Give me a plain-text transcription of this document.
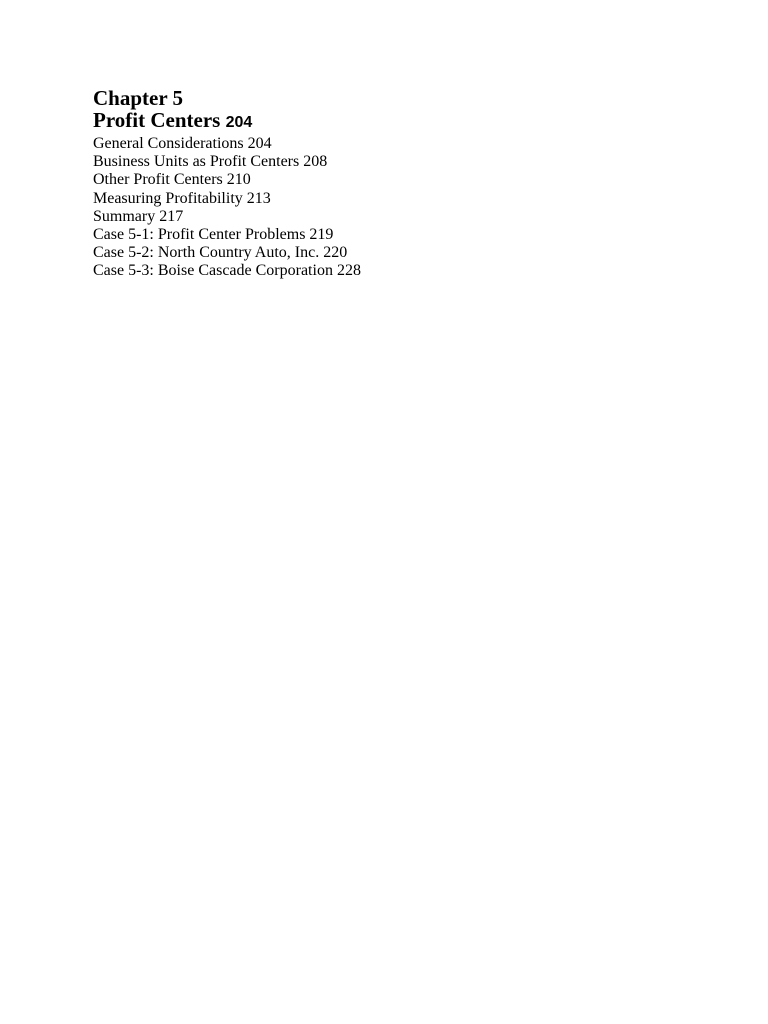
Chapter 5
Profit Centers 204
General Considerations 204
Business Units as Profit Centers 208
Other Profit Centers 210
Measuring Profitability 213
Summary 217
Case 5-1: Profit Center Problems 219
Case 5-2: North Country Auto, Inc. 220
Case 5-3: Boise Cascade Corporation 228
